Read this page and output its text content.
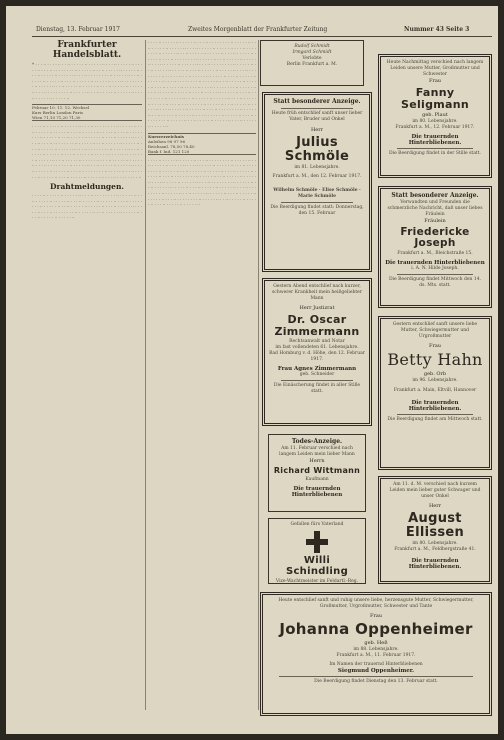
Dienstag, 13. Februar 1917	Zweites Morgenblatt der Frankfurter Zeitung	Nummer 43 Seite 3
Frankfurter Handelsblatt.
* · · · ·· · · · · ·· · · ·· · · · · · ·· · · · · · ·· · · · ·· · · · · · ·· · · · · · ·· · · · ·· · · · · · · · · ·· · · · · · ·· · · ·· · · · · · ·· · · · · · ·· · · · ·· · · · · · ·· · · · · · ·· · · · ·· · · · · · · · · ·· · · · · · ·· · · ·· · · · · · ·· · · · · · ·· · · · ·· · · · · · ·· · · · · · ·· · · · ·· · · · · · · · · ·· · · · · · ·· · · ·· · · · · · ·· · · · · · ·· · · · ·· · · · · · ·· · · · · · ·· · · · ·· · · · · · · · · ·· · · · · · ·· · · ·· · · · · · ·· · · · · · ·· · · · ·· · · · · · ·· · · · · · ··
Februar 10. 11. 12. Wechsel
Kurs Berlin London Paris
Wien 71,10 71,20 71,30
· · · · ·· · · · · · ·· · · · · · ·· · · · ·· · · · · · · · · ·· · · · · · ·· · · ·· · · · · · ·· · · · · · ·· · · · ·· · · · · · ·· · · · · · ·· · · · ·· · · · · · · · · ·· · · · · · ·· · · ·· · · · · · ·· · · · · · ·· · · · ·· · · · · · ·· · · · · · ·· · · · ·· · · · · · · · · ·· · · · · · ·· · · ·· · · · · · ·· · · · · · ·· · · · ·· · · · · · ·· · · · · · ·· · · · ·· · · · · · · · · ·· · · · · · ·· · · ·· · · · · · ·· · · · · · ·· · · · ·· · · · · · ·· · · · · · ·· · · · ·· · · · · · · · · ·· · · · · · ·· · · ·· · · · · · ·· · · · · · ·· · · · ·· · · · · · ·· · · · · · ·· · · · ·· · · · · · · · · ·· · · · · · ·· · · ·· · · · · · ·· · · · · · ·· · · · ·· · · · · · ·· · · · · · ·· · · · ·· · · · · · · · · ·· · · · · · ·· · · ·· · · · · · ·· · · · · · ·· · · · ·· · · · · · ·· · · · · · ·· · · · ·· · · · · · · · · ··
Drahtmeldungen.
· · · · ·· · · · · · ·· · · · · · ·· · · · ·· · · · · · · · · ·· · · · · · ·· · · ·· · · · · · ·· · · · · · ·· · · · ·· · · · · · ·· · · · · · ·· · · · ·· · · · · · · · · ·· · · · · · ·· · · ·· · · · · · ·· · · · · · ·· · · · ·· · · · · · ·· · · · · · ·· · · · ·· · · · · · · · · ·· · · · · · ·· · · ·· · · · · · ·· · · · · · ·· · · · ·· · · · · · ·· · · · · · ··
· · · · ·· · · · · · ·· · · · · · ·· · · · ·· · · · · · · · · ·· · · · · · ·· · · ·· · · · · · ·· · · · · · ·· · · · ·· · · · · · ·· · · · · · ·· · · · ·· · · · · · · · · ·· · · · · · ·· · · ·· · · · · · ·· · · · · · ·· · · · ·· · · · · · ·· · · · · · ·· · · · ·· · · · · · · · · ·· · · · · · ·· · · ·· · · · · · ·· · · · · · ·· · · · ·· · · · · · ·· · · · · · ·· · · · ·· · · · · · · · · ·· · · · · · ·· · · ·· · · · · · ·· · · · · · ·· · · · ·· · · · · · ·· · · · · · ·· · · · ·· · · · · · · · · ·· · · · · · ·· · · ·· · · · · · ·· · · · · · ·· · · · ·· · · · · · ·· · · · · · ·· · · · ·· · · · · · · · · ·· · · · · · ·· · · ·· · · · · · ·· · · · · · ·· · · · ·· · · · · · ·· · · · · · ·· · · · ·· · · · · · · · · ·· · · · · · ·· · · ·· · · · · · ·· · · · · · ·· · · · ·· · · · · · ·· · · · · · ·· · · · ·· · · · · · · · · ·· · · · · · ·· · · ·· · · · · · ·· · · · · · ·· · · · ·· · · · · · ·· · · · · · ·· · · · ·· · · · · · · · · ·· · · · · · ·· · · ·· · · · · · ·· · · · · · ·· · · · ·· · · · · · ·· · · · · · ·· · · · ·· · · · · · · · · ·· · · · · · ·· · · ·· · · · · · ·· · · · · · ·· · · · ·· · · · · · ·· · · · · · ·· · · · ·· · · · · · · · · ·· · · · · · ·· · · ·· · · · · · ·· · · · · · ·· · · · ·· · · · · · ·· · · · · · ··
Kursverzeichnis
Anleihen 98 97 96
Reichsanl. 78,50 78,40
Bank f. Ind. 121 120
· · · · ·· · · · · · ·· · · · · · ·· · · · ·· · · · · · · · · ·· · · · · · ·· · · ·· · · · · · ·· · · · · · ·· · · · ·· · · · · · ·· · · · · · ·· · · · ·· · · · · · · · · ·· · · · · · ·· · · ·· · · · · · ·· · · · · · ·· · · · ·· · · · · · ·· · · · · · ·· · · · ·· · · · · · · · · ·· · · · · · ·· · · ·· · · · · · ·· · · · · · ·· · · · ·· · · · · · ·· · · · · · ·· · · · ·· · · · · · · · · ·· · · · · · ·· · · ·· · · · · · ·· · · · · · ·· · · · ·· · · · · · ·· · · · · · ·· · · · ·· · · · · · · · · ·· · · · · · ·· · · ·· · · · · · ·· · · · · · ·· · · · ·· · · · · · ·· · · · · · ·· · · · ·· · · · · · · · · ·· · · · · · ·· · · ·· · · · · · ·· · · · · · ·· · · · ·· · · · · · ·· · · · · · ··
Rudolf Schmidt
Irmgard Schmidt
Verlobte
Berlin Frankfurt a. M.	Heute Nachmittag verschied nach langem Leiden unsere Mutter, Großmutter und Schwester
Frau
Fanny Seligmann
geb. Plaut
im 80. Lebensjahre.
Frankfurt a. M., 12. Februar 1917.
Die trauernden Hinterbliebenen.
Die Beerdigung findet in der Stille statt.
Statt besonderer Anzeige.
Heute früh entschlief sanft unser lieber Vater, Bruder und Onkel
Herr
Julius Schmöle
im 81. Lebensjahre.
Frankfurt a. M., den 12. Februar 1917.
Wilhelm Schmöle · Elise Schmöle · Marie Schmöle
Die Beerdigung findet statt: Donnerstag, den 15. Februar
Statt besonderer Anzeige.
Verwandten und Freunden die schmerzliche Nachricht, daß unser liebes Fräulein
Fräulein
Friedericke Joseph
Frankfurt a. M., Bleichstraße 15.
Die trauernden Hinterbliebenen
i. A. N. Hilde Joseph.
Die Beerdigung findet Mittwoch den 14. ds. Mts. statt.
Gestern Abend entschlief nach kurzer, schwerer Krankheit mein heißgeliebter Mann
Herr Justizrat
Dr. Oscar Zimmermann
Rechtsanwalt und Notar
im fast vollendeten 61. Lebensjahre.
Bad Homburg v. d. Höhe, den 12. Februar 1917.
Frau Agnes Zimmermann
geb. Schneider
Die Einäscherung findet in aller Stille statt.
Gestern entschlief sanft unsere liebe Mutter, Schwiegermutter und Urgroßmutter
Frau
Betty Hahn
geb. Orb
im 96. Lebensjahre.
Frankfurt a. Main, Eltvill, Hannover
Die trauernden Hinterbliebenen.
Die Beerdigung findet am Mittwoch statt.
Todes-Anzeige.
Am 11. Februar verschied nach langem Leiden mein lieber Mann
Herrn
Richard Wittmann
Kaufmann
Die trauernden Hinterbliebenen
Gefallen fürs Vaterland
Willi Schindling
Vize-Wachtmeister im Feldartl.-Reg.
Am 11. d. M. verschied nach kurzem Leiden mein lieber guter Schwager und unser Onkel
Herr
August Ellissen
im 80. Lebensjahre.
Frankfurt a. M., Feldbergstraße 41.
Die trauernden Hinterbliebenen.
Heute entschlief sanft und ruhig unsere liebe, herzensgute Mutter, Schwiegermutter, Großmutter, Urgroßmutter, Schwester und Tante
Frau
Johanna Oppenheimer
geb. Heß
im 88. Lebensjahre.
Frankfurt a. M., 11. Februar 1917.
Im Namen der trauernd Hinterbliebenen
Siegmund Oppenheimer.
Die Beerdigung findet Dienstag den 13. Februar statt.
